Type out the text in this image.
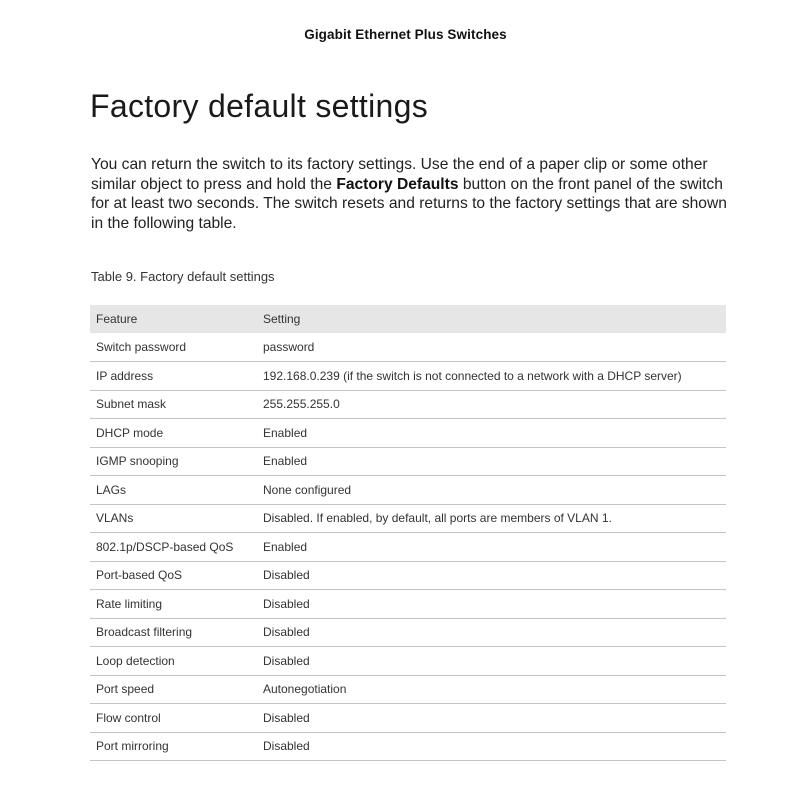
Gigabit Ethernet Plus Switches
Factory default settings

You can return the switch to its factory settings. Use the end of a paper clip or some other similar object to press and hold the Factory Defaults button on the front panel of the switch for at least two seconds. The switch resets and returns to the factory settings that are shown in the following table.

Table 9. Factory default settings
Feature	Setting
Switch password	password
IP address	192.168.0.239 (if the switch is not connected to a network with a DHCP server)
Subnet mask	255.255.255.0
DHCP mode	Enabled
IGMP snooping	Enabled
LAGs	None configured
VLANs	Disabled. If enabled, by default, all ports are members of VLAN 1.
802.1p/DSCP-based QoS	Enabled
Port-based QoS	Disabled
Rate limiting	Disabled
Broadcast filtering	Disabled
Loop detection	Disabled
Port speed	Autonegotiation
Flow control	Disabled
Port mirroring	Disabled
